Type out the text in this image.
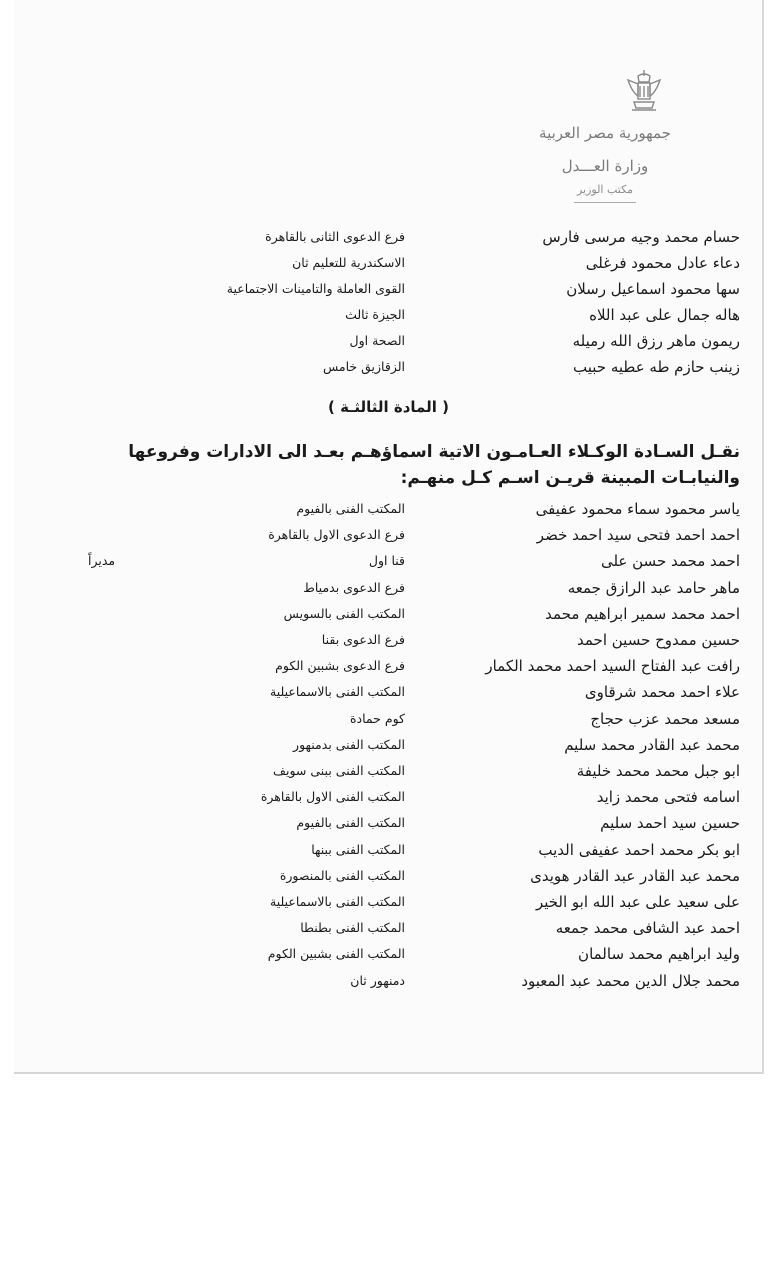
جمهورية مصر العربية
وزارة العـــدل
مكتب الوزير
حسام محمد وجيه مرسى فارس
فرع الدعوى الثانى بالقاهرة
دعاء عادل محمود فرغلى
الاسكندرية للتعليم ثان
سها محمود اسماعيل رسلان
القوى العاملة والتامينات الاجتماعية
هاله جمال على عبد اللاه
الجيزة ثالث
ريمون ماهر رزق الله رميله
الصحة اول
زينب حازم طه عطيه حبيب
الزقازيق خامس
( المادة الثالثـة )
نقـل السـادة الوكـلاء العـامـون الاتية اسماؤهـم بعـد الى الادارات وفروعها
والنيابـات المبينة قريـن اسـم كـل منهـم:
ياسر محمود سماء محمود عفيفى
المكتب الفنى بالفيوم
احمد احمد فتحى سيد احمد خضر
فرع الدعوى الاول بالقاهرة
احمد محمد حسن على
قنا اول
مديراً
ماهر حامد عبد الرازق جمعه
فرع الدعوى بدمياط
احمد محمد سمير ابراهيم محمد
المكتب الفنى بالسويس
حسين ممدوح حسين احمد
فرع الدعوى بقنا
رافت عبد الفتاح السيد احمد محمد الكمار
فرع الدعوى بشبين الكوم
علاء احمد محمد شرقاوى
المكتب الفنى بالاسماعيلية
مسعد محمد عزب حجاج
كوم حمادة
محمد عبد القادر محمد سليم
المكتب الفنى بدمنهور
ابو جبل محمد محمد خليفة
المكتب الفنى ببنى سويف
اسامه فتحى محمد زايد
المكتب الفنى الاول بالقاهرة
حسين سيد احمد سليم
المكتب الفنى بالفيوم
ابو بكر محمد احمد عفيفى الديب
المكتب الفنى ببنها
محمد عبد القادر عبد القادر هويدى
المكتب الفنى بالمنصورة
على سعيد على عبد الله ابو الخير
المكتب الفنى بالاسماعيلية
احمد عبد الشافى محمد جمعه
المكتب الفنى بطنطا
وليد ابراهيم محمد سالمان
المكتب الفنى بشبين الكوم
محمد جلال الدين محمد عبد المعبود
دمنهور ثان
